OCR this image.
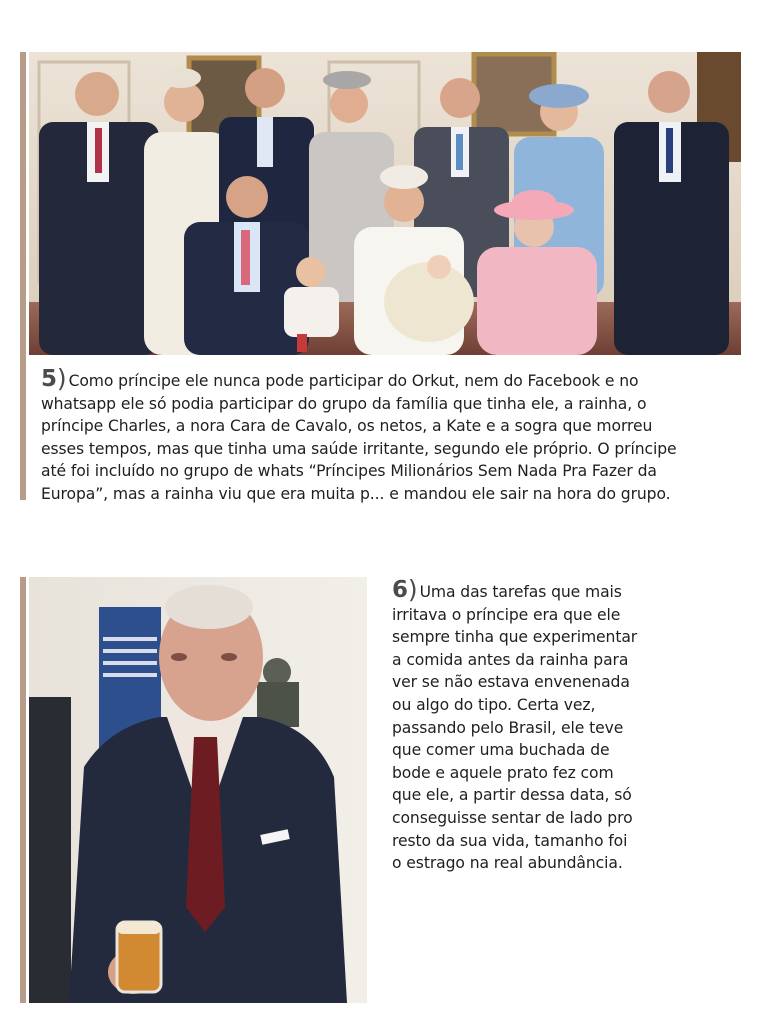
5) Como príncipe ele nunca pode participar do Orkut, nem do Facebook e no
whatsapp ele só podia participar do grupo da família que tinha ele, a rainha, o
príncipe Charles, a nora Cara de Cavalo, os netos, a Kate e a sogra que morreu
esses tempos, mas que tinha uma saúde irritante, segundo ele próprio. O príncipe
até foi incluído no grupo de whats “Príncipes Milionários Sem Nada Pra Fazer da
Europa”, mas a rainha viu que era muita p... e mandou ele sair na hora do grupo.
6) Uma das tarefas que mais
irritava o príncipe era que ele
sempre tinha que experimentar
a comida antes da rainha para
ver se não estava envenenada
ou algo do tipo. Certa vez,
passando pelo Brasil, ele teve
que comer uma buchada de
bode e aquele prato fez com
que ele, a partir dessa data, só
conseguisse sentar de lado pro
resto da sua vida, tamanho foi
o estrago na real abundância.
